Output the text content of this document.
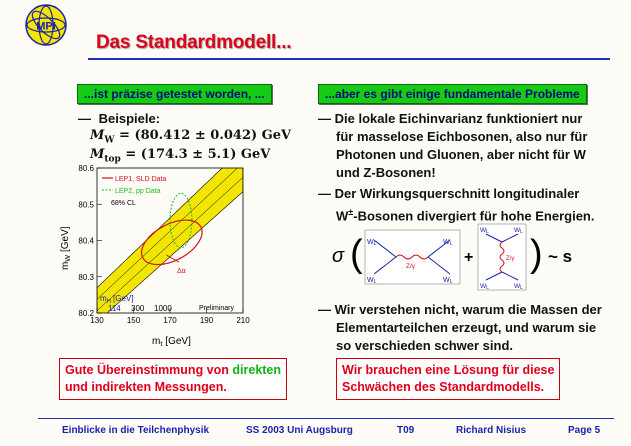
MPI
Das Standardmodell...
...ist präzise getestet worden, ...	...aber es gibt einige fundamentale Probleme
— Beispiele:
$M_W = (80.412 \pm 0.042)$ GeV
$M_{top} = (174.3 \pm 5.1)$ GeV
130	150	170	190	210
80.2
80.3
80.4
80.5
80.6
LEP1, SLD Data
LEP2, pp Data
68% CL
Δα
$m_H$ [GeV]
114 300 1000	Preliminary
$m_t$ [GeV]
$m_W[GeV]$
Gute Übereinstimmung von direkten
und indirekten Messungen.
— Die lokale Eichinvarianz funktioniert nur
für masselose Eichbosonen, also nur für
Photonen und Gluonen, aber nicht für W
und Z-Bosonen!
— Der Wirkungsquerschnitt longitudinaler
W±-Bosonen divergiert für hohe Energien.
σ ( WL
WL
WL
WL
Z/γ
+
WL	WL
WL	WL
Z/γ ) ~ s
— Wir verstehen nicht, warum die Massen der
Elementarteilchen erzeugt, und warum sie
so verschieden schwer sind.
Wir brauchen eine Lösung für diese
Schwächen des Standardmodells.
Einblicke in die Teilchenphysik	SS 2003 Uni Augsburg	T09	Richard Nisius	Page 5
